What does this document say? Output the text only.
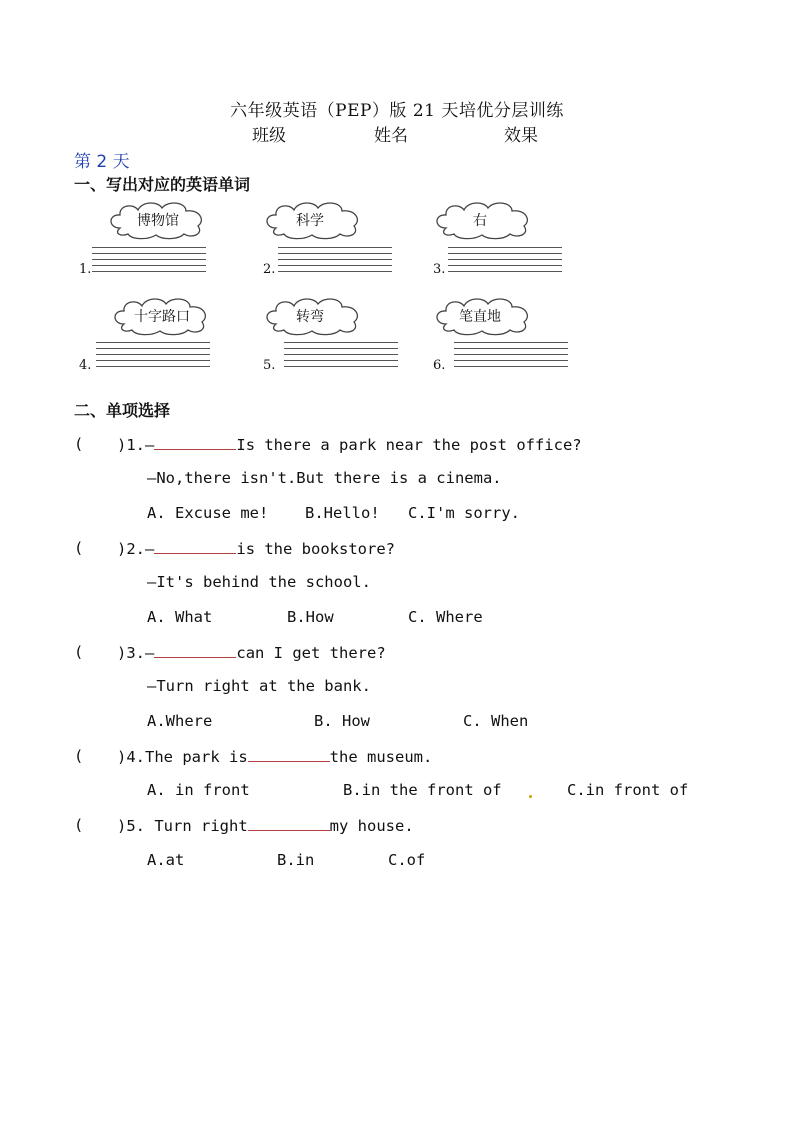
六年级英语（PEP）版 21 天培优分层训练
班级	姓名	效果
第 2 天
一、写出对应的英语单词
博物馆
1.
科学
2.
右
3.
十字路口
4.
转弯
5.
笔直地
6.
二、单项选择
( )1.—	Is there a park near the post office?
—No,there isn't.But there is a cinema.
A. Excuse me! B.Hello! C.I'm sorry.
( )2.—	is the bookstore?
—It's behind the school.
A. What	B.How	C. Where
( )3.—	can I get there?
—Turn right at the bank.
A.Where	B. How	C. When
( )4.The park is	the museum.
A. in front	B.in the front of	C.in front of
( )5. Turn right	my house.
A.at	B.in	C.of
